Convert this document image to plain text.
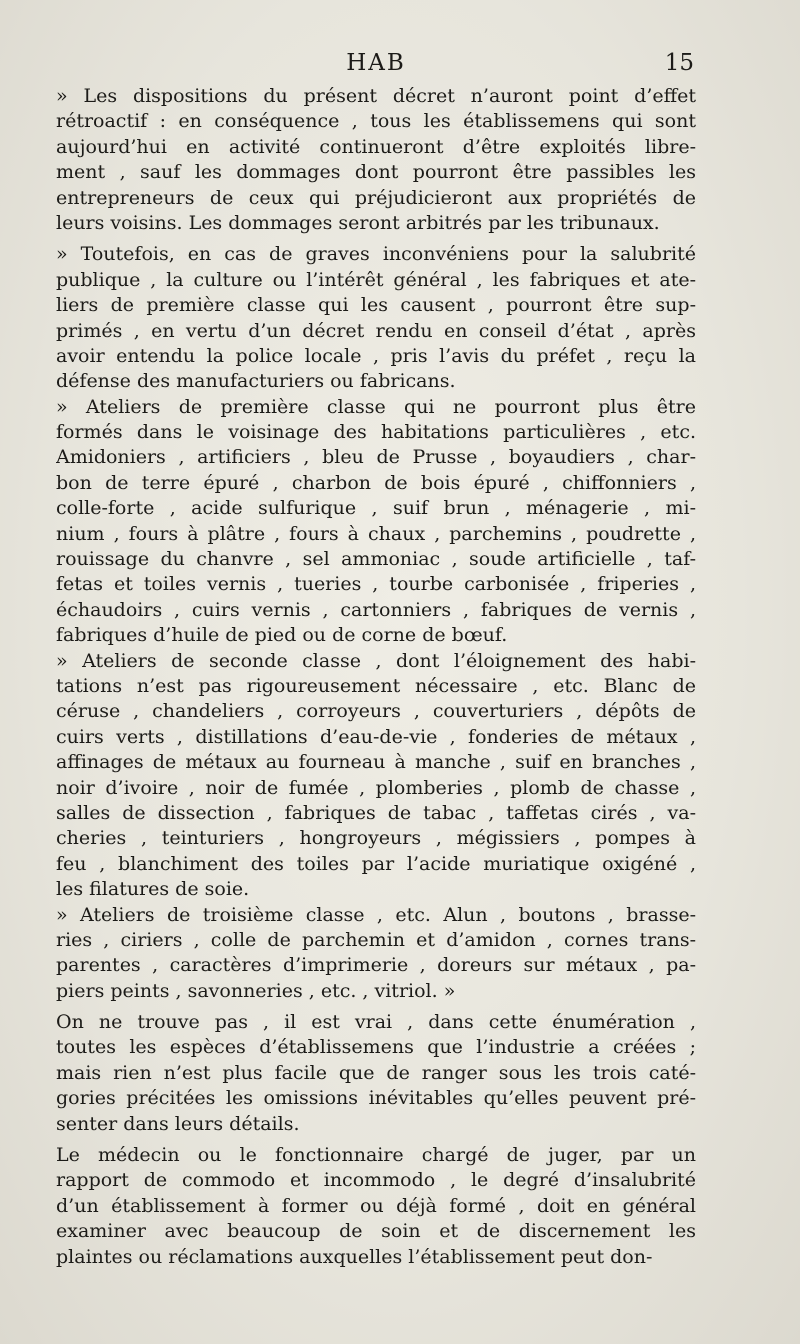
HAB	15
» Les dispositions du présent décret n’auront point d’effet
rétroactif : en conséquence , tous les établissemens qui sont
aujourd’hui en activité continueront d’être exploités libre-
ment , sauf les dommages dont pourront être passibles les
entrepreneurs de ceux qui préjudicieront aux propriétés de
leurs voisins. Les dommages seront arbitrés par les tribunaux.
» Toutefois, en cas de graves inconvéniens pour la salubrité
publique , la culture ou l’intérêt général , les fabriques et ate-
liers de première classe qui les causent , pourront être sup-
primés , en vertu d’un décret rendu en conseil d’état , après
avoir entendu la police locale , pris l’avis du préfet , reçu la
défense des manufacturiers ou fabricans.
» Ateliers de première classe qui ne pourront plus être
formés dans le voisinage des habitations particulières , etc.
Amidoniers , artificiers , bleu de Prusse , boyaudiers , char-
bon de terre épuré , charbon de bois épuré , chiffonniers ,
colle-forte , acide sulfurique , suif brun , ménagerie , mi-
nium , fours à plâtre , fours à chaux , parchemins , poudrette ,
rouissage du chanvre , sel ammoniac , soude artificielle , taf-
fetas et toiles vernis , tueries , tourbe carbonisée , friperies ,
échaudoirs , cuirs vernis , cartonniers , fabriques de vernis ,
fabriques d’huile de pied ou de corne de bœuf.
» Ateliers de seconde classe , dont l’éloignement des habi-
tations n’est pas rigoureusement nécessaire , etc. Blanc de
céruse , chandeliers , corroyeurs , couverturiers , dépôts de
cuirs verts , distillations d’eau-de-vie , fonderies de métaux ,
affinages de métaux au fourneau à manche , suif en branches ,
noir d’ivoire , noir de fumée , plomberies , plomb de chasse ,
salles de dissection , fabriques de tabac , taffetas cirés , va-
cheries , teinturiers , hongroyeurs , mégissiers , pompes à
feu , blanchiment des toiles par l’acide muriatique oxigéné ,
les filatures de soie.
» Ateliers de troisième classe , etc. Alun , boutons , brasse-
ries , ciriers , colle de parchemin et d’amidon , cornes trans-
parentes , caractères d’imprimerie , doreurs sur métaux , pa-
piers peints , savonneries , etc. , vitriol. »
On ne trouve pas , il est vrai , dans cette énumération ,
toutes les espèces d’établissemens que l’industrie a créées ;
mais rien n’est plus facile que de ranger sous les trois caté-
gories précitées les omissions inévitables qu’elles peuvent pré-
senter dans leurs détails.
Le médecin ou le fonctionnaire chargé de juger, par un
rapport de commodo et incommodo , le degré d’insalubrité
d’un établissement à former ou déjà formé , doit en général
examiner avec beaucoup de soin et de discernement les
plaintes ou réclamations auxquelles l’établissement peut don-
